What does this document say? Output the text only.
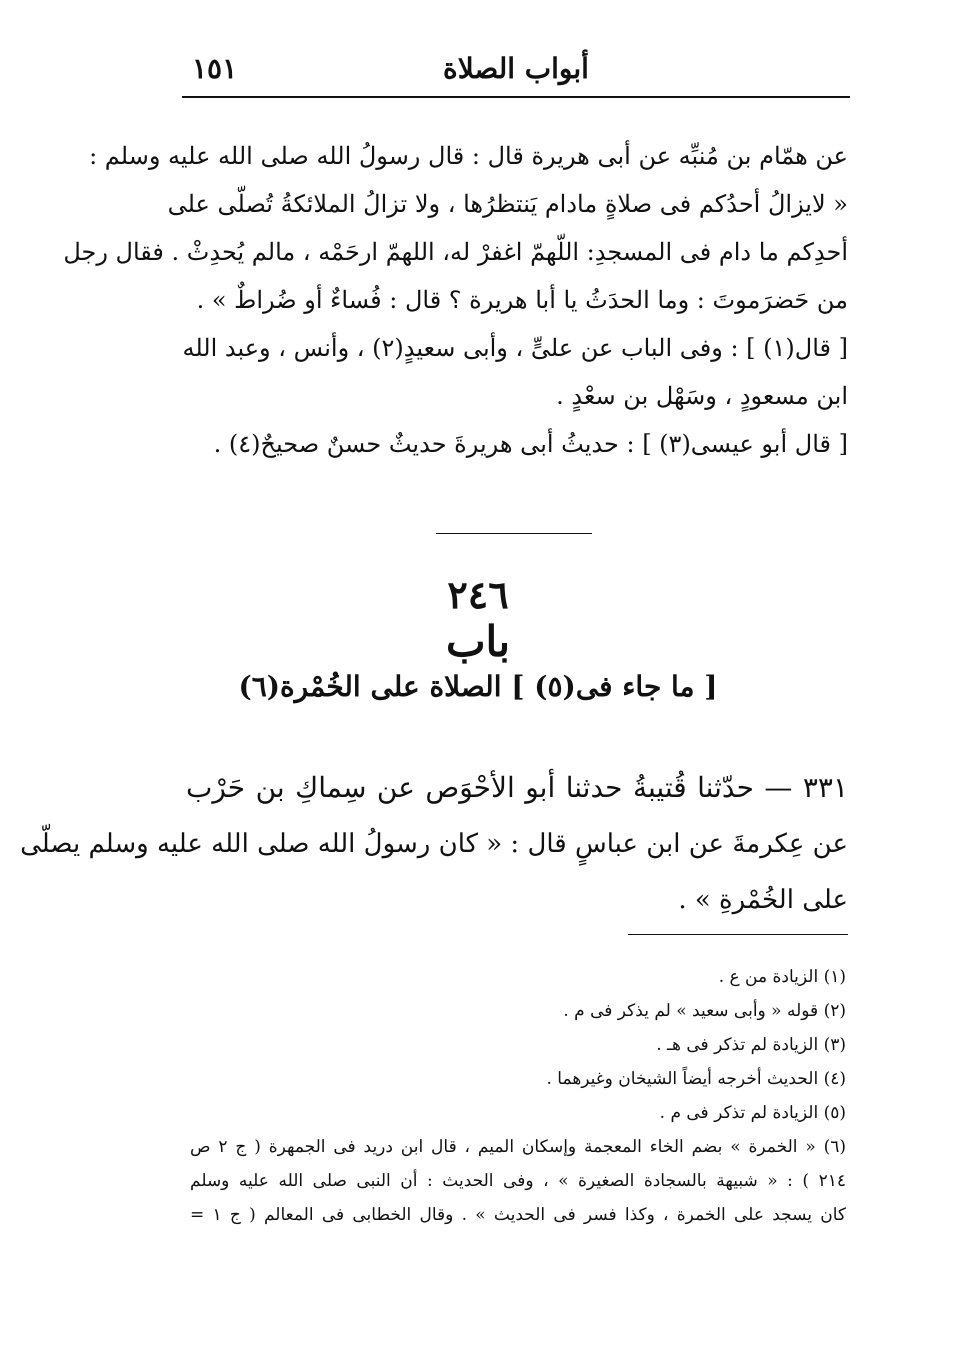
أبواب الصلاة
١٥١
عن همّام بن مُنبِّه عن أبى هريرة قال : قال رسولُ الله صلى الله عليه وسلم :
« لايزالُ أحدُكم فى صلاةٍ مادام يَنتظرُها ، ولا تزالُ الملائكةُ تُصلّى على
أحدِكم ما دام فى المسجدِ: اللّهمّ اغفرْ له، اللهمّ ارحَمْه ، مالم يُحدِثْ . فقال رجل
من حَضرَموتَ : وما الحدَثُ يا أبا هريرة ؟ قال : فُساءٌ أو ضُراطٌ » .
[ قال(١) ] : وفى الباب عن علىٍّ ، وأبى سعيدٍ(٢) ، وأنس ، وعبد الله
ابن مسعودٍ ، وسَهْل بن سعْدٍ .
[ قال أبو عيسى(٣) ] : حديثُ أبى هريرةَ حديثٌ حسنٌ صحيحٌ(٤) .
٢٤٦
باب
[ ما جاء فى(٥) ] الصلاة على الخُمْرة(٦)
٣٣١ — حدّثنا قُتيبةُ حدثنا أبو الأحْوَص عن سِماكِ بن حَرْب
عن عِكرمةَ عن ابن عباسٍ قال : « كان رسولُ الله صلى الله عليه وسلم يصلّى
على الخُمْرةِ » .
(١) الزيادة من ع .
(٢) قوله « وأبى سعيد » لم يذكر فى م .
(٣) الزيادة لم تذكر فى هـ .
(٤) الحديث أخرجه أيضاً الشيخان وغيرهما .
(٥) الزيادة لم تذكر فى م .
(٦) « الخمرة » بضم الخاء المعجمة وإسكان الميم ، قال ابن دريد فى الجمهرة ( ج ٢ ص
٢١٤ ) : « شبيهة بالسجادة الصغيرة » ، وفى الحديث : أن النبى صلى الله عليه وسلم
كان يسجد على الخمرة ، وكذا فسر فى الحديث » . وقال الخطابى فى المعالم ( ج ١ =
